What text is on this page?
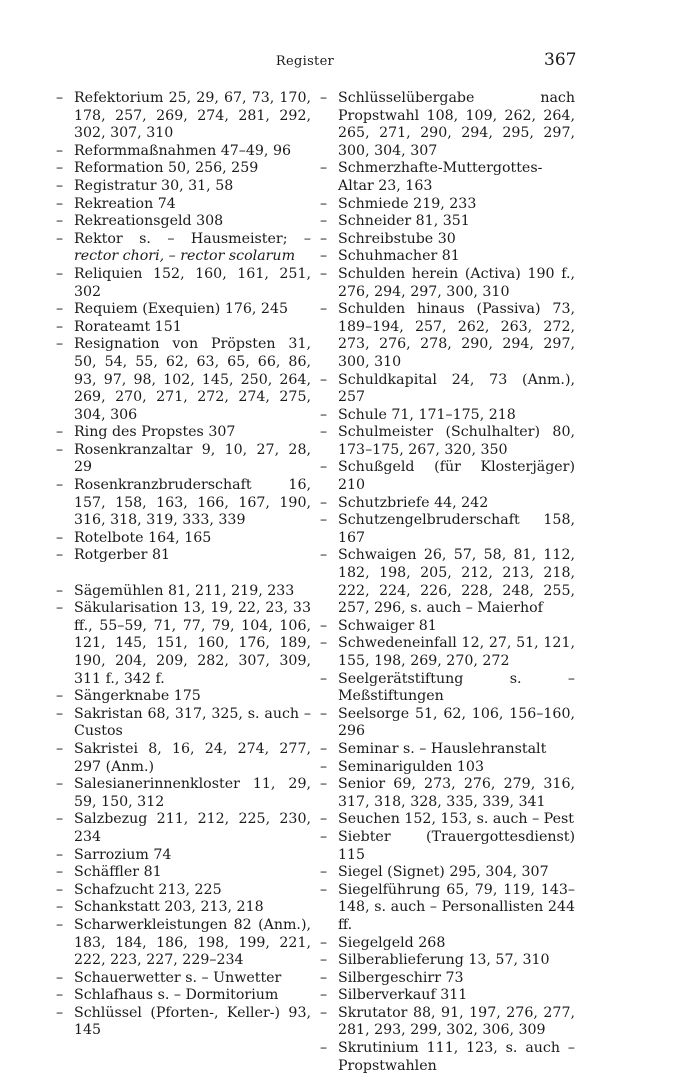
Register	367

– Refektorium 25, 29, 67, 73, 170, 178, 257, 269, 274, 281, 292, 302, 307, 310

– Reformmaßnahmen 47–49, 96

– Reformation 50, 256, 259

– Registratur 30, 31, 58

– Rekreation 74

– Rekreationsgeld 308

– Rektor s. – Hausmeister; – rector chori, – rector scolarum

– Reliquien 152, 160, 161, 251, 302

– Requiem (Exequien) 176, 245

– Rorateamt 151

– Resignation von Pröpsten 31, 50, 54, 55, 62, 63, 65, 66, 86, 93, 97, 98, 102, 145, 250, 264, 269, 270, 271, 272, 274, 275, 304, 306

– Ring des Propstes 307

– Rosenkranzaltar 9, 10, 27, 28, 29

– Rosenkranzbruderschaft 16, 157, 158, 163, 166, 167, 190, 316, 318, 319, 333, 339

– Rotelbote 164, 165

– Rotgerber 81

– Sägemühlen 81, 211, 219, 233

– Säkularisation 13, 19, 22, 23, 33 ff., 55–59, 71, 77, 79, 104, 106, 121, 145, 151, 160, 176, 189, 190, 204, 209, 282, 307, 309, 311 f., 342 f.

– Sängerknabe 175

– Sakristan 68, 317, 325, s. auch – Custos

– Sakristei 8, 16, 24, 274, 277, 297 (Anm.)

– Salesianerinnenkloster 11, 29, 59, 150, 312

– Salzbezug 211, 212, 225, 230, 234

– Sarrozium 74

– Schäffler 81

– Schafzucht 213, 225

– Schankstatt 203, 213, 218

– Scharwerkleistungen 82 (Anm.), 183, 184, 186, 198, 199, 221, 222, 223, 227, 229–234

– Schauerwetter s. – Unwetter

– Schlafhaus s. – Dormitorium

– Schlüssel (Pforten-, Keller-) 93, 145

– Schlüsselübergabe nach Propstwahl 108, 109, 262, 264, 265, 271, 290, 294, 295, 297, 300, 304, 307

– Schmerzhafte-Muttergottes-Altar 23, 163

– Schmiede 219, 233

– Schneider 81, 351

– Schreibstube 30

– Schuhmacher 81

– Schulden herein (Activa) 190 f., 276, 294, 297, 300, 310

– Schulden hinaus (Passiva) 73, 189–194, 257, 262, 263, 272, 273, 276, 278, 290, 294, 297, 300, 310

– Schuldkapital 24, 73 (Anm.), 257

– Schule 71, 171–175, 218

– Schulmeister (Schulhalter) 80, 173–175, 267, 320, 350

– Schußgeld (für Klosterjäger) 210

– Schutzbriefe 44, 242

– Schutzengelbruderschaft 158, 167

– Schwaigen 26, 57, 58, 81, 112, 182, 198, 205, 212, 213, 218, 222, 224, 226, 228, 248, 255, 257, 296, s. auch – Maierhof

– Schwaiger 81

– Schwedeneinfall 12, 27, 51, 121, 155, 198, 269, 270, 272

– Seelgerätstiftung s. – Meßstiftungen

– Seelsorge 51, 62, 106, 156–160, 296

– Seminar s. – Hauslehranstalt

– Seminarigulden 103

– Senior 69, 273, 276, 279, 316, 317, 318, 328, 335, 339, 341

– Seuchen 152, 153, s. auch – Pest

– Siebter (Trauergottesdienst) 115

– Siegel (Signet) 295, 304, 307

– Siegelführung 65, 79, 119, 143–148, s. auch – Personallisten 244 ff.

– Siegelgeld 268

– Silberablieferung 13, 57, 310

– Silbergeschirr 73

– Silberverkauf 311

– Skrutator 88, 91, 197, 276, 277, 281, 293, 299, 302, 306, 309

– Skrutinium 111, 123, s. auch – Propstwahlen
